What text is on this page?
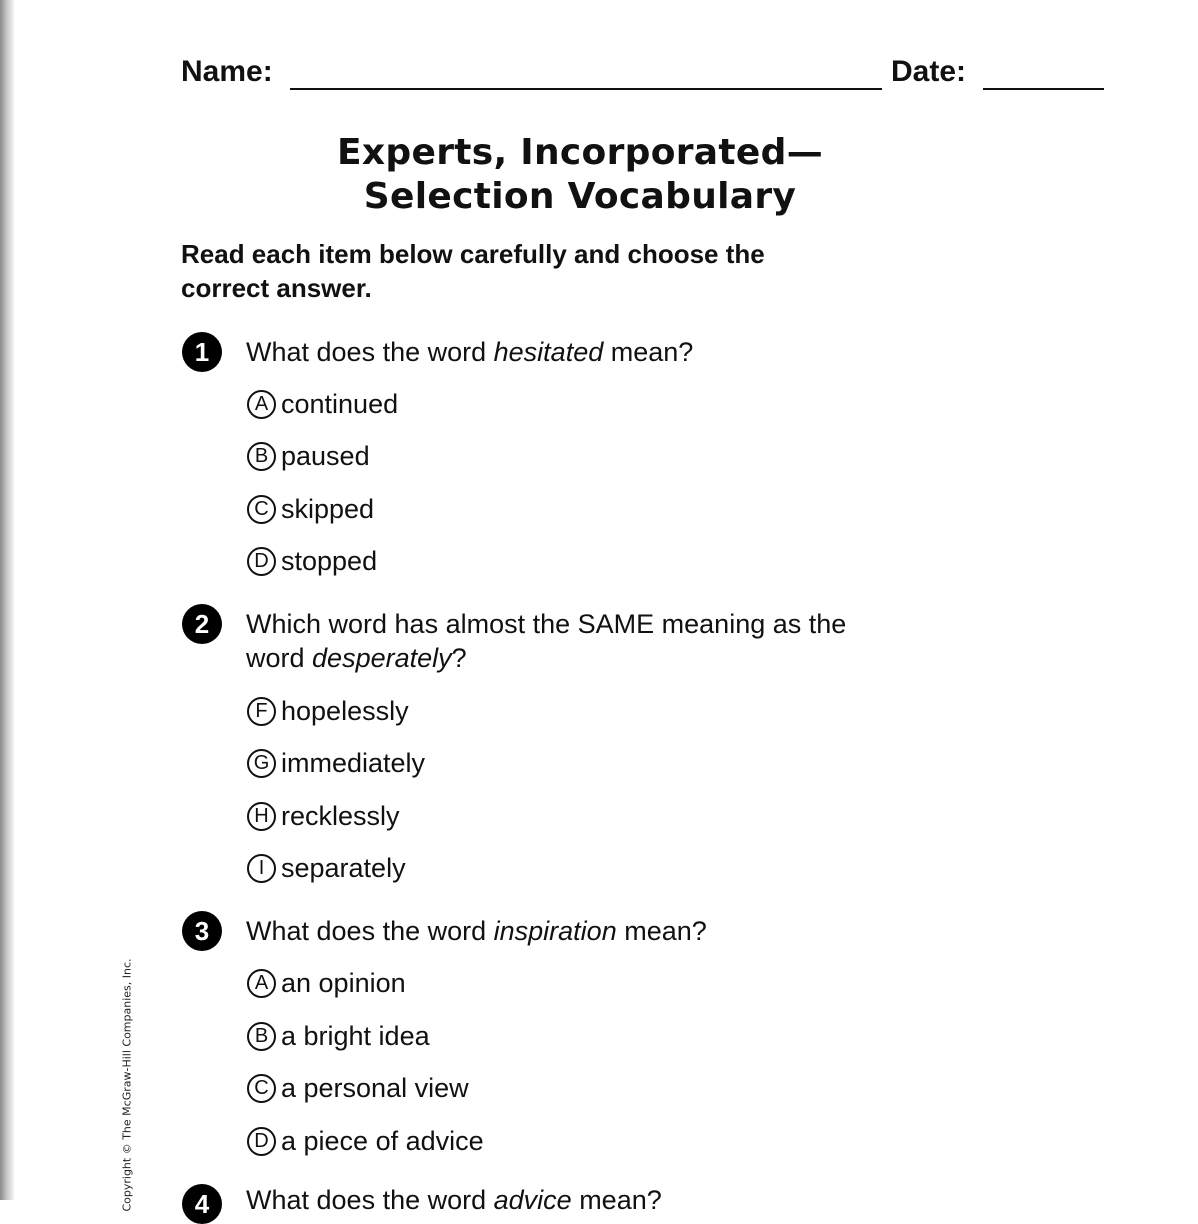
Name:	Date:
Experts, Incorporated—
Selection Vocabulary
Read each item below carefully and choose the
correct answer.
1	What does the word hesitated mean?
A continued
B paused
C skipped
D stopped
2	Which word has almost the SAME meaning as the
word desperately?
F hopelessly
G immediately
H recklessly
I separately
3	What does the word inspiration mean?
A an opinion
B a bright idea
C a personal view
D a piece of advice
4	What does the word advice mean?
Copyright © The McGraw-Hill Companies, Inc.
